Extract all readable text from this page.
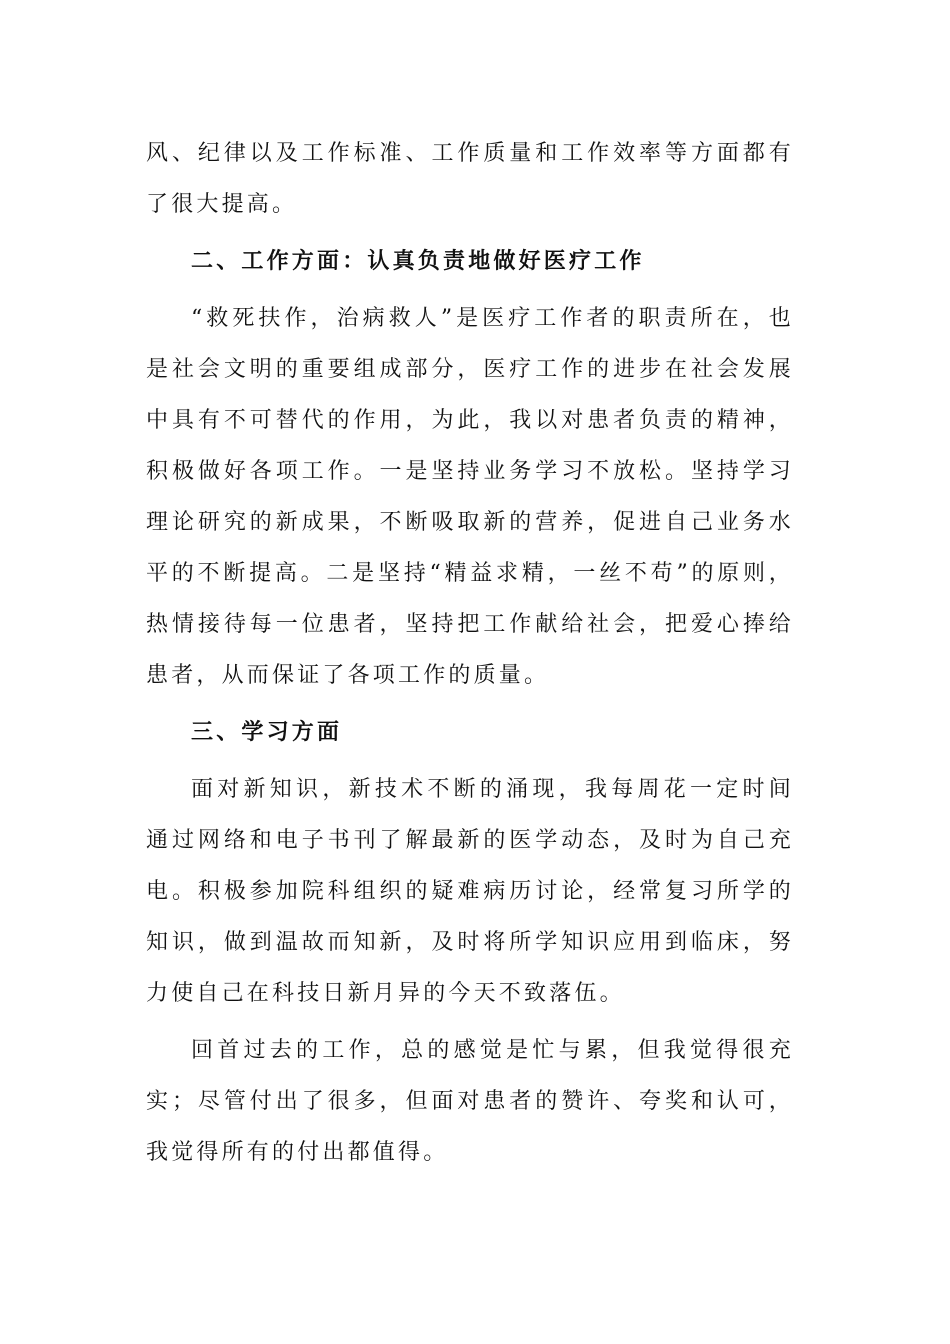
风、纪律以及工作标准、工作质量和工作效率等方面都有了很大提高。

二、工作方面：认真负责地做好医疗工作

“救死扶作，治病救人”是医疗工作者的职责所在，也是社会文明的重要组成部分，医疗工作的进步在社会发展中具有不可替代的作用，为此，我以对患者负责的精神，积极做好各项工作。一是坚持业务学习不放松。坚持学习理论研究的新成果，不断吸取新的营养，促进自己业务水平的不断提高。二是坚持“精益求精，一丝不苟”的原则，热情接待每一位患者，坚持把工作献给社会，把爱心捧给患者，从而保证了各项工作的质量。

三、学习方面

面对新知识，新技术不断的涌现，我每周花一定时间通过网络和电子书刊了解最新的医学动态，及时为自己充电。积极参加院科组织的疑难病历讨论，经常复习所学的知识，做到温故而知新，及时将所学知识应用到临床，努力使自己在科技日新月异的今天不致落伍。

回首过去的工作，总的感觉是忙与累，但我觉得很充实；尽管付出了很多，但面对患者的赞许、夸奖和认可，我觉得所有的付出都值得。
